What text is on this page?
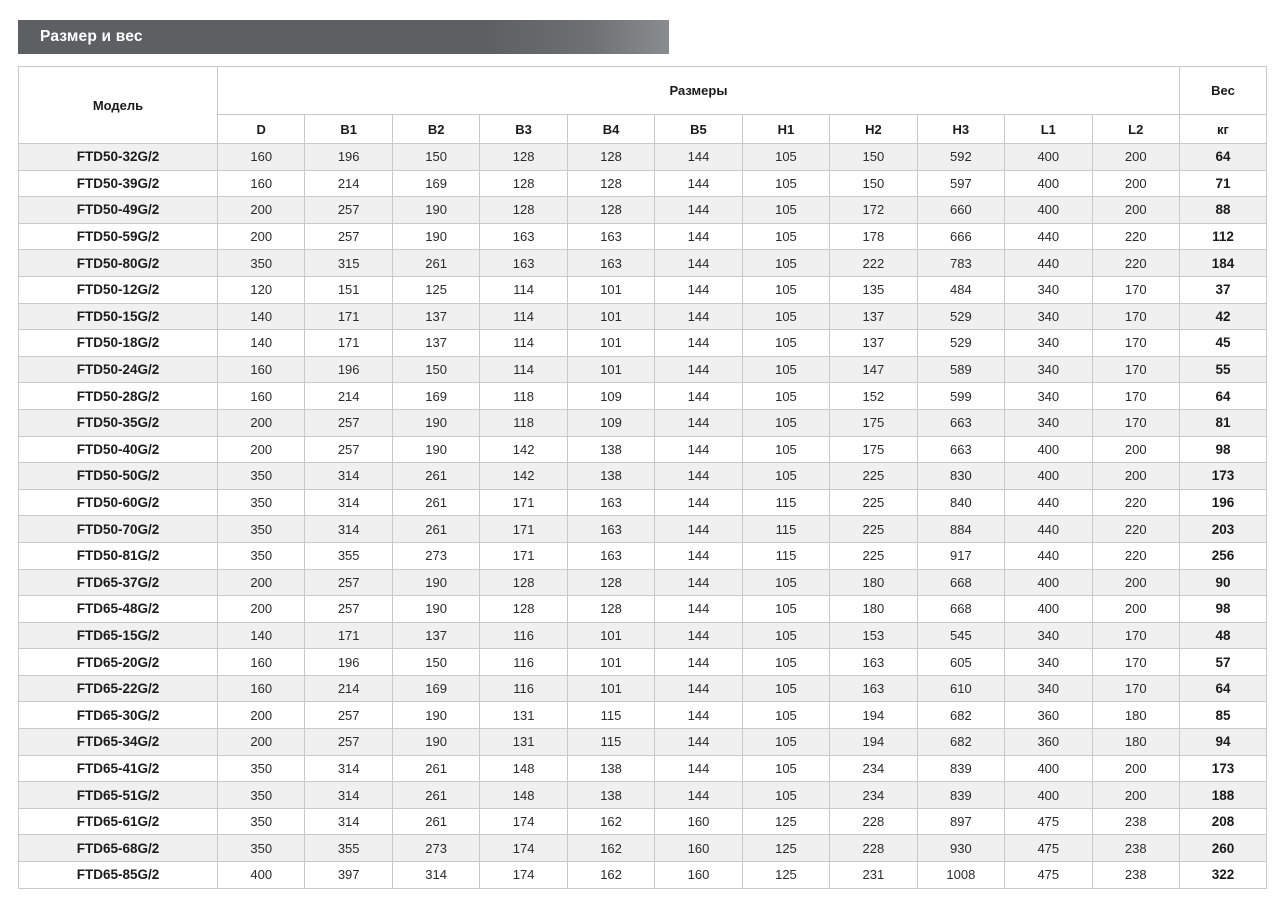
Размер и вес
Модель	Размеры											Вес
	D	B1	B2	B3	B4	B5	H1	H2	H3	L1	L2	кг
FTD50-32G/2	160	196	150	128	128	144	105	150	592	400	200	64
FTD50-39G/2	160	214	169	128	128	144	105	150	597	400	200	71
FTD50-49G/2	200	257	190	128	128	144	105	172	660	400	200	88
FTD50-59G/2	200	257	190	163	163	144	105	178	666	440	220	112
FTD50-80G/2	350	315	261	163	163	144	105	222	783	440	220	184
FTD50-12G/2	120	151	125	114	101	144	105	135	484	340	170	37
FTD50-15G/2	140	171	137	114	101	144	105	137	529	340	170	42
FTD50-18G/2	140	171	137	114	101	144	105	137	529	340	170	45
FTD50-24G/2	160	196	150	114	101	144	105	147	589	340	170	55
FTD50-28G/2	160	214	169	118	109	144	105	152	599	340	170	64
FTD50-35G/2	200	257	190	118	109	144	105	175	663	340	170	81
FTD50-40G/2	200	257	190	142	138	144	105	175	663	400	200	98
FTD50-50G/2	350	314	261	142	138	144	105	225	830	400	200	173
FTD50-60G/2	350	314	261	171	163	144	115	225	840	440	220	196
FTD50-70G/2	350	314	261	171	163	144	115	225	884	440	220	203
FTD50-81G/2	350	355	273	171	163	144	115	225	917	440	220	256
FTD65-37G/2	200	257	190	128	128	144	105	180	668	400	200	90
FTD65-48G/2	200	257	190	128	128	144	105	180	668	400	200	98
FTD65-15G/2	140	171	137	116	101	144	105	153	545	340	170	48
FTD65-20G/2	160	196	150	116	101	144	105	163	605	340	170	57
FTD65-22G/2	160	214	169	116	101	144	105	163	610	340	170	64
FTD65-30G/2	200	257	190	131	115	144	105	194	682	360	180	85
FTD65-34G/2	200	257	190	131	115	144	105	194	682	360	180	94
FTD65-41G/2	350	314	261	148	138	144	105	234	839	400	200	173
FTD65-51G/2	350	314	261	148	138	144	105	234	839	400	200	188
FTD65-61G/2	350	314	261	174	162	160	125	228	897	475	238	208
FTD65-68G/2	350	355	273	174	162	160	125	228	930	475	238	260
FTD65-85G/2	400	397	314	174	162	160	125	231	1008	475	238	322
